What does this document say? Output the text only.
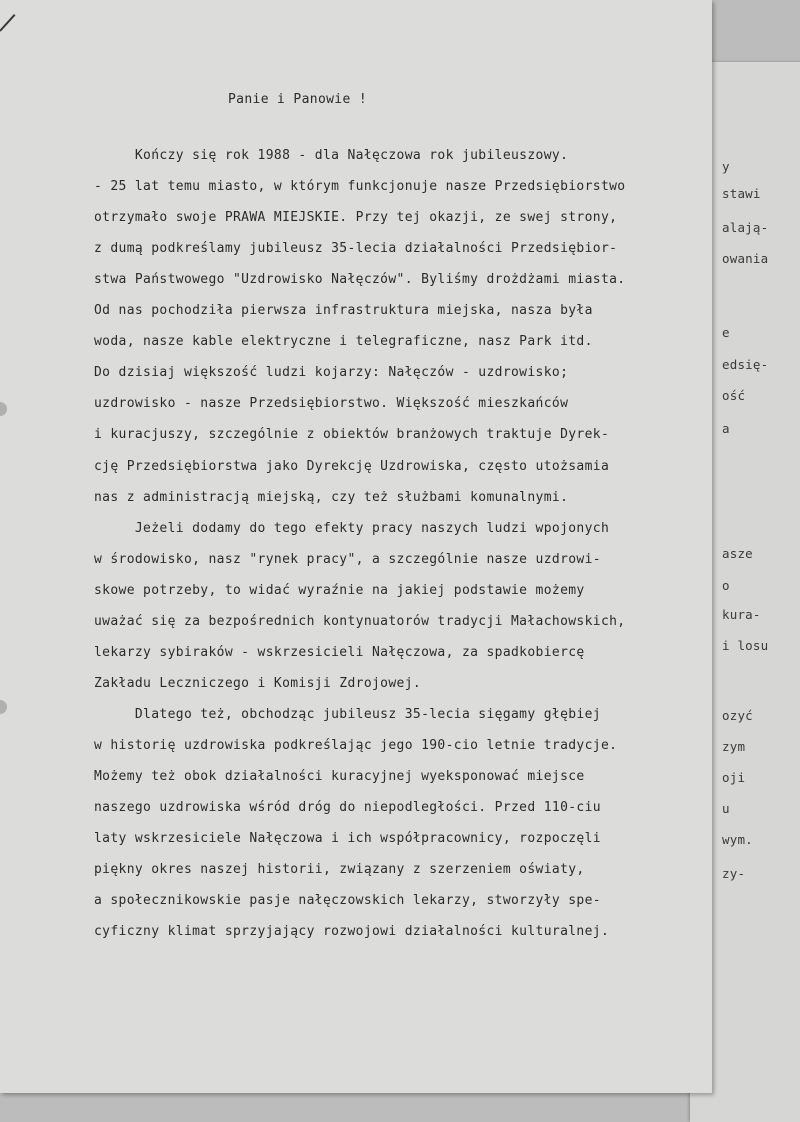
y
stawi
alają-
owania
e
edsię-
ość
a
asze
o
kura-
i losu
ozyć
zym
oji
u
wym.
zy-
Panie i Panowie !
Kończy się rok 1988 - dla Nałęczowa rok jubileuszowy.
- 25 lat temu miasto, w którym funkcjonuje nasze Przedsiębiorstwo
otrzymało swoje PRAWA MIEJSKIE. Przy tej okazji, ze swej strony,
z dumą podkreślamy jubileusz 35-lecia działalności Przedsiębior-
stwa Państwowego "Uzdrowisko Nałęczów". Byliśmy drożdżami miasta.
Od nas pochodziła pierwsza infrastruktura miejska, nasza była
woda, nasze kable elektryczne i telegraficzne, nasz Park itd.
Do dzisiaj większość ludzi kojarzy: Nałęczów - uzdrowisko;
uzdrowisko - nasze Przedsiębiorstwo. Większość mieszkańców
i kuracjuszy, szczególnie z obiektów branżowych traktuje Dyrek-
cję Przedsiębiorstwa jako Dyrekcję Uzdrowiska, często utożsamia
nas z administracją miejską, czy też służbami komunalnymi.
Jeżeli dodamy do tego efekty pracy naszych ludzi wpojonych
w środowisko, nasz "rynek pracy", a szczególnie nasze uzdrowi-
skowe potrzeby, to widać wyraźnie na jakiej podstawie możemy
uważać się za bezpośrednich kontynuatorów tradycji Małachowskich,
lekarzy sybiraków - wskrzesicieli Nałęczowa, za spadkobiercę
Zakładu Leczniczego i Komisji Zdrojowej.
Dlatego też, obchodząc jubileusz 35-lecia sięgamy głębiej
w historię uzdrowiska podkreślając jego 190-cio letnie tradycje.
Możemy też obok działalności kuracyjnej wyeksponować miejsce
naszego uzdrowiska wśród dróg do niepodległości. Przed 110-ciu
laty wskrzesiciele Nałęczowa i ich współpracownicy, rozpoczęli
piękny okres naszej historii, związany z szerzeniem oświaty,
a społecznikowskie pasje nałęczowskich lekarzy, stworzyły spe-
cyficzny klimat sprzyjający rozwojowi działalności kulturalnej.
